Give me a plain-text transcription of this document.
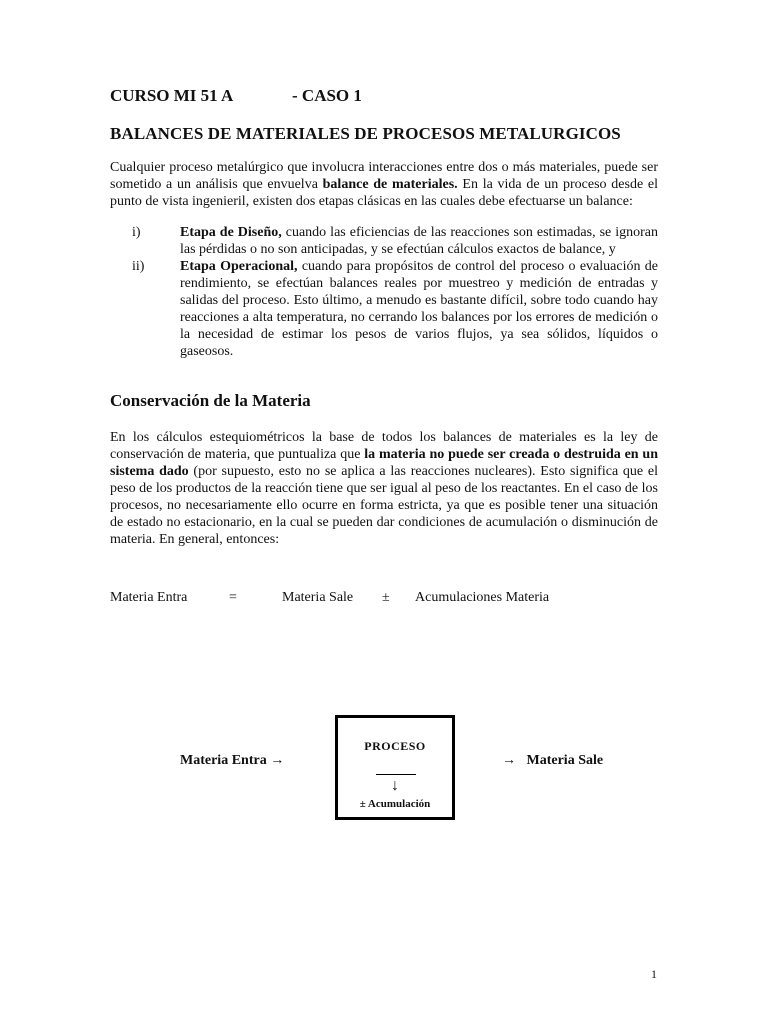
CURSO MI 51 A	- CASO 1
BALANCES DE MATERIALES DE PROCESOS METALURGICOS

Cualquier proceso metalúrgico que involucra interacciones entre dos o más materiales, puede ser sometido a un análisis que envuelva balance de materiales. En la vida de un proceso desde el punto de vista ingenieril, existen dos etapas clásicas en las cuales debe efectuarse un balance:

i)	Etapa de Diseño, cuando las eficiencias de las reacciones son estimadas, se ignoran las pérdidas o no son anticipadas, y se efectúan cálculos exactos de balance, y
ii)	Etapa Operacional, cuando para propósitos de control del proceso o evaluación de rendimiento, se efectúan balances reales por muestreo y medición de entradas y salidas del proceso. Esto último, a menudo es bastante difícil, sobre todo cuando hay reacciones a alta temperatura, no cerrando los balances por los errores de medición o la necesidad de estimar los pesos de varios flujos, ya sea sólidos, líquidos o gaseosos.
Conservación de la Materia

En los cálculos estequiométricos la base de todos los balances de materiales es la ley de conservación de materia, que puntualiza que la materia no puede ser creada o destruida en un sistema dado (por supuesto, esto no se aplica a las reacciones nucleares). Esto significa que el peso de los productos de la reacción tiene que ser igual al peso de los reactantes. En el caso de los procesos, no necesariamente ello ocurre en forma estricta, ya que es posible tener una situación de estado no estacionario, en la cual se pueden dar condiciones de acumulación o disminución de materia. En general, entonces:

Materia Entra	=	Materia Sale ± Acumulaciones Materia
Materia Entra →
PROCESO
↓
± Acumulación
→   Materia Sale
1
